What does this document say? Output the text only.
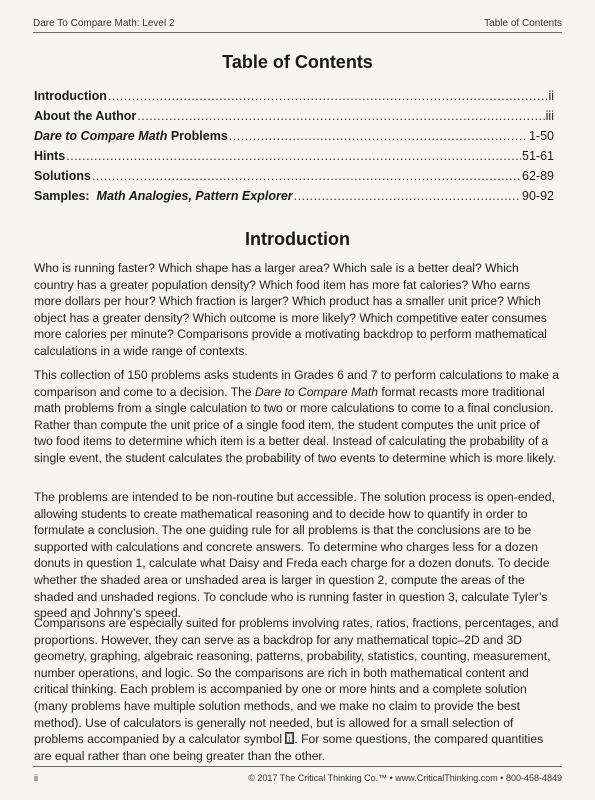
Dare To Compare Math: Level 2	Table of Contents
Table of Contents
Introduction .....	ii
About the Author .....	iii
Dare to Compare Math Problems .....	1-50
Hints .....	51-61
Solutions .....	62-89
Samples:  Math Analogies, Pattern Explorer .....	90-92
Introduction

Who is running faster? Which shape has a larger area? Which sale is a better deal? Which country has a greater population density? Which food item has more fat calories? Who earns more dollars per hour? Which fraction is larger? Which product has a smaller unit price? Which object has a greater density? Which outcome is more likely? Which competitive eater consumes more calories per minute? Comparisons provide a motivating backdrop to perform mathematical calculations in a wide range of contexts.

This collection of 150 problems asks students in Grades 6 and 7 to perform calculations to make a comparison and come to a decision. The Dare to Compare Math format recasts more traditional math problems from a single calculation to two or more calculations to come to a final conclusion. Rather than compute the unit price of a single food item, the student computes the unit price of two food items to determine which item is a better deal. Instead of calculating the probability of a single event, the student calculates the probability of two events to determine which is more likely.

The problems are intended to be non-routine but accessible. The solution process is open-ended, allowing students to create mathematical reasoning and to decide how to quantify in order to formulate a conclusion. The one guiding rule for all problems is that the conclusions are to be supported with calculations and concrete answers. To determine who charges less for a dozen donuts in question 1, calculate what Daisy and Freda each charge for a dozen donuts. To decide whether the shaded area or unshaded area is larger in question 2, compute the areas of the shaded and unshaded regions. To conclude who is running faster in question 3, calculate Tyler’s speed and Johnny’s speed.

Comparisons are especially suited for problems involving rates, ratios, fractions, percentages, and proportions. However, they can serve as a backdrop for any mathematical topic–2D and 3D geometry, graphing, algebraic reasoning, patterns, probability, statistics, counting, measurement, number operations, and logic. So the comparisons are rich in both mathematical content and critical thinking. Each problem is accompanied by one or more hints and a complete solution (many problems have multiple solution methods, and we make no claim to provide the best method). Use of calculators is generally not needed, but is allowed for a small selection of problems accompanied by a calculator symbol . For some questions, the compared quantities are equal rather than one being greater than the other.

ii	© 2017 The Critical Thinking Co.™ • www.CriticalThinking.com • 800-458-4849
